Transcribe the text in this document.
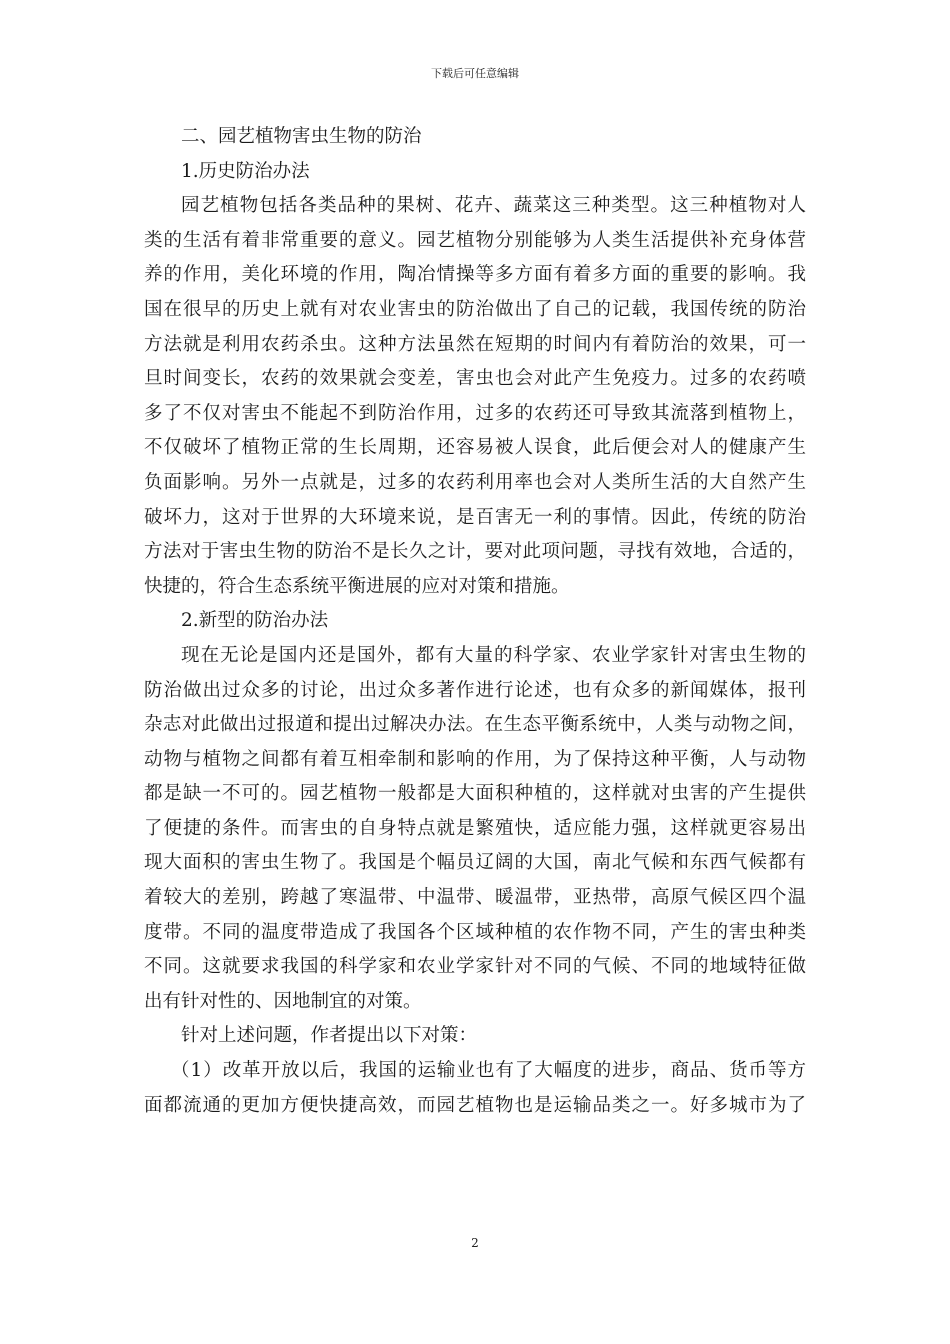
下载后可任意编辑
二、园艺植物害虫生物的防治
1.历史防治办法
园艺植物包括各类品种的果树、花卉、蔬菜这三种类型。这三种植物对人
类的生活有着非常重要的意义。园艺植物分别能够为人类生活提供补充身体营
养的作用，美化环境的作用，陶冶情操等多方面有着多方面的重要的影响。我
国在很早的历史上就有对农业害虫的防治做出了自己的记载，我国传统的防治
方法就是利用农药杀虫。这种方法虽然在短期的时间内有着防治的效果，可一
旦时间变长，农药的效果就会变差，害虫也会对此产生免疫力。过多的农药喷
多了不仅对害虫不能起不到防治作用，过多的农药还可导致其流落到植物上，
不仅破坏了植物正常的生长周期，还容易被人误食，此后便会对人的健康产生
负面影响。另外一点就是，过多的农药利用率也会对人类所生活的大自然产生
破坏力，这对于世界的大环境来说，是百害无一利的事情。因此，传统的防治
方法对于害虫生物的防治不是长久之计，要对此项问题，寻找有效地，合适的，
快捷的，符合生态系统平衡进展的应对对策和措施。
2.新型的防治办法
现在无论是国内还是国外，都有大量的科学家、农业学家针对害虫生物的
防治做出过众多的讨论，出过众多著作进行论述，也有众多的新闻媒体，报刊
杂志对此做出过报道和提出过解决办法。在生态平衡系统中，人类与动物之间，
动物与植物之间都有着互相牵制和影响的作用，为了保持这种平衡，人与动物
都是缺一不可的。园艺植物一般都是大面积种植的，这样就对虫害的产生提供
了便捷的条件。而害虫的自身特点就是繁殖快，适应能力强，这样就更容易出
现大面积的害虫生物了。我国是个幅员辽阔的大国，南北气候和东西气候都有
着较大的差别，跨越了寒温带、中温带、暖温带，亚热带，高原气候区四个温
度带。不同的温度带造成了我国各个区域种植的农作物不同，产生的害虫种类
不同。这就要求我国的科学家和农业学家针对不同的气候、不同的地域特征做
出有针对性的、因地制宜的对策。
针对上述问题，作者提出以下对策：
（1）改革开放以后，我国的运输业也有了大幅度的进步，商品、货币等方
面都流通的更加方便快捷高效，而园艺植物也是运输品类之一。好多城市为了
2
